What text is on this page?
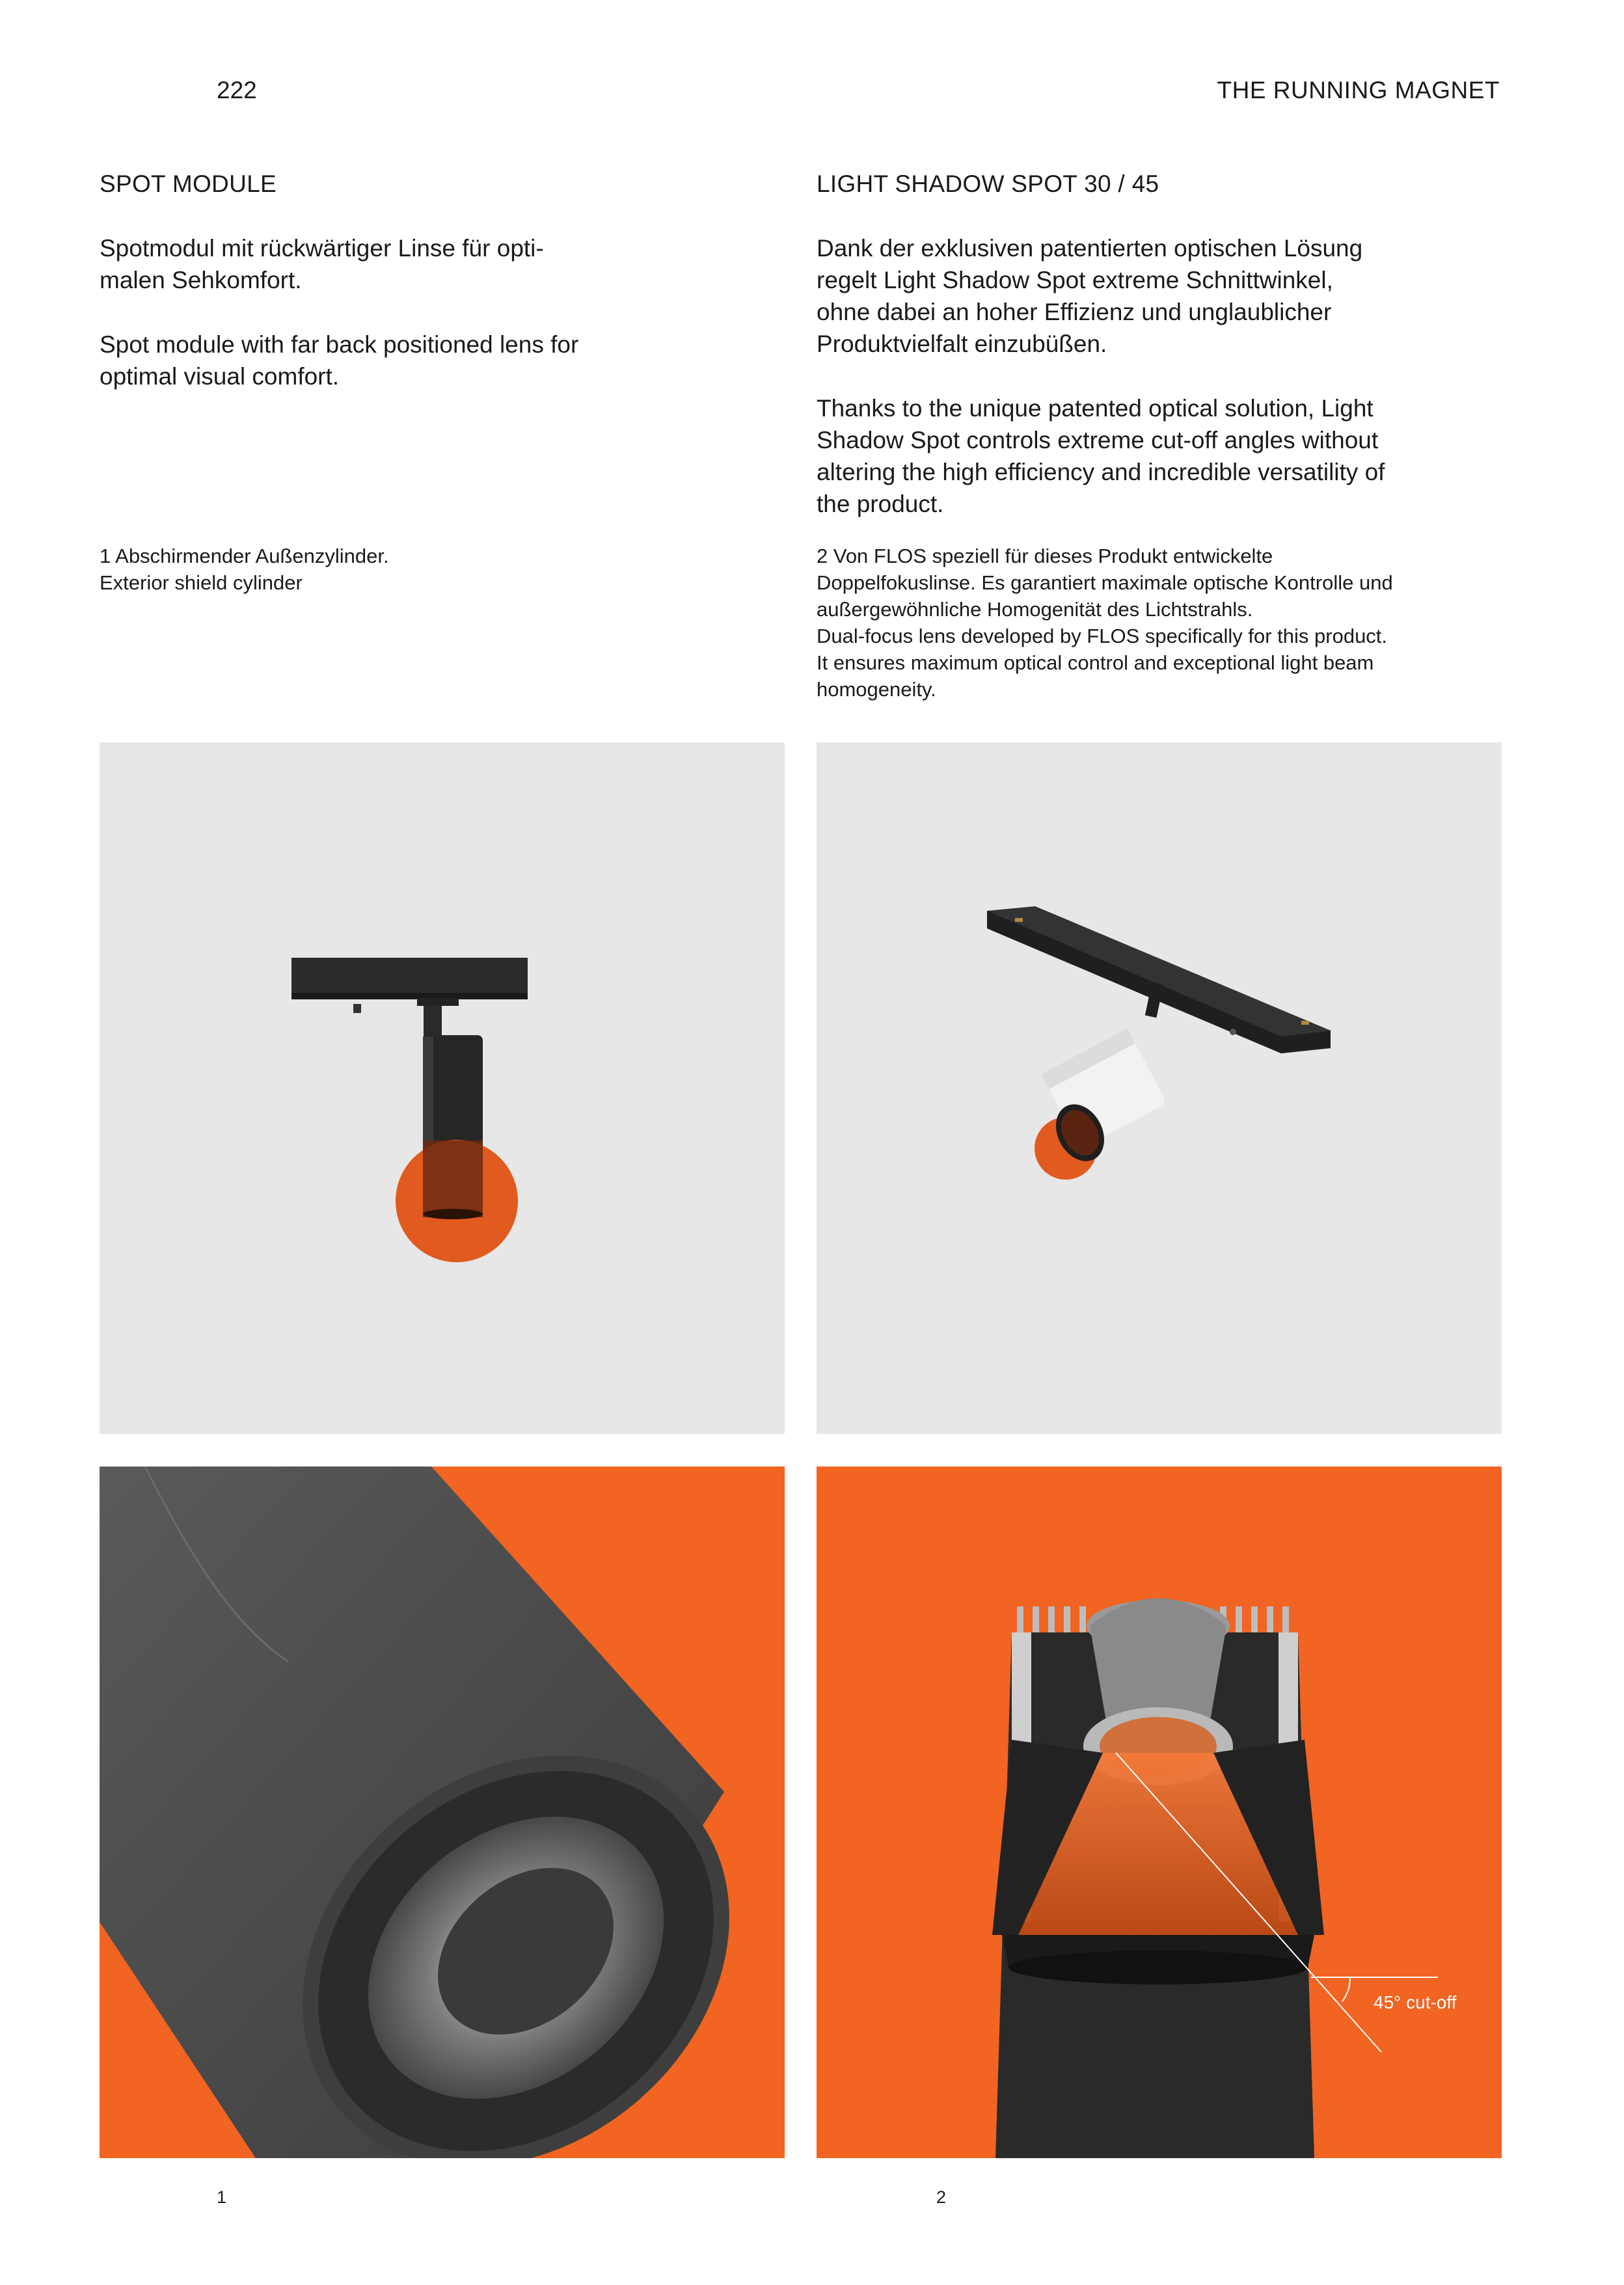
222	THE RUNNING MAGNET
SPOT MODULE

Spotmodul mit rückwärtiger Linse für opti-
malen Sehkomfort.

Spot module with far back positioned lens for
optimal visual comfort.

1 Abschirmender Außenzylinder.
Exterior shield cylinder

LIGHT SHADOW SPOT 30 / 45

Dank der exklusiven patentierten optischen Lösung
regelt Light Shadow Spot extreme Schnittwinkel,
ohne dabei an hoher Effizienz und unglaublicher
Produktvielfalt einzubüßen.

Thanks to the unique patented optical solution, Light
Shadow Spot controls extreme cut-off angles without
altering the high efficiency and incredible versatility of
the product.

2 Von FLOS speziell für dieses Produkt entwickelte
Doppelfokuslinse. Es garantiert maximale optische Kontrolle und
außergewöhnliche Homogenität des Lichtstrahls.
Dual-focus lens developed by FLOS specifically for this product.
It ensures maximum optical control and exceptional light beam
homogeneity.

45° cut-off
1	2
